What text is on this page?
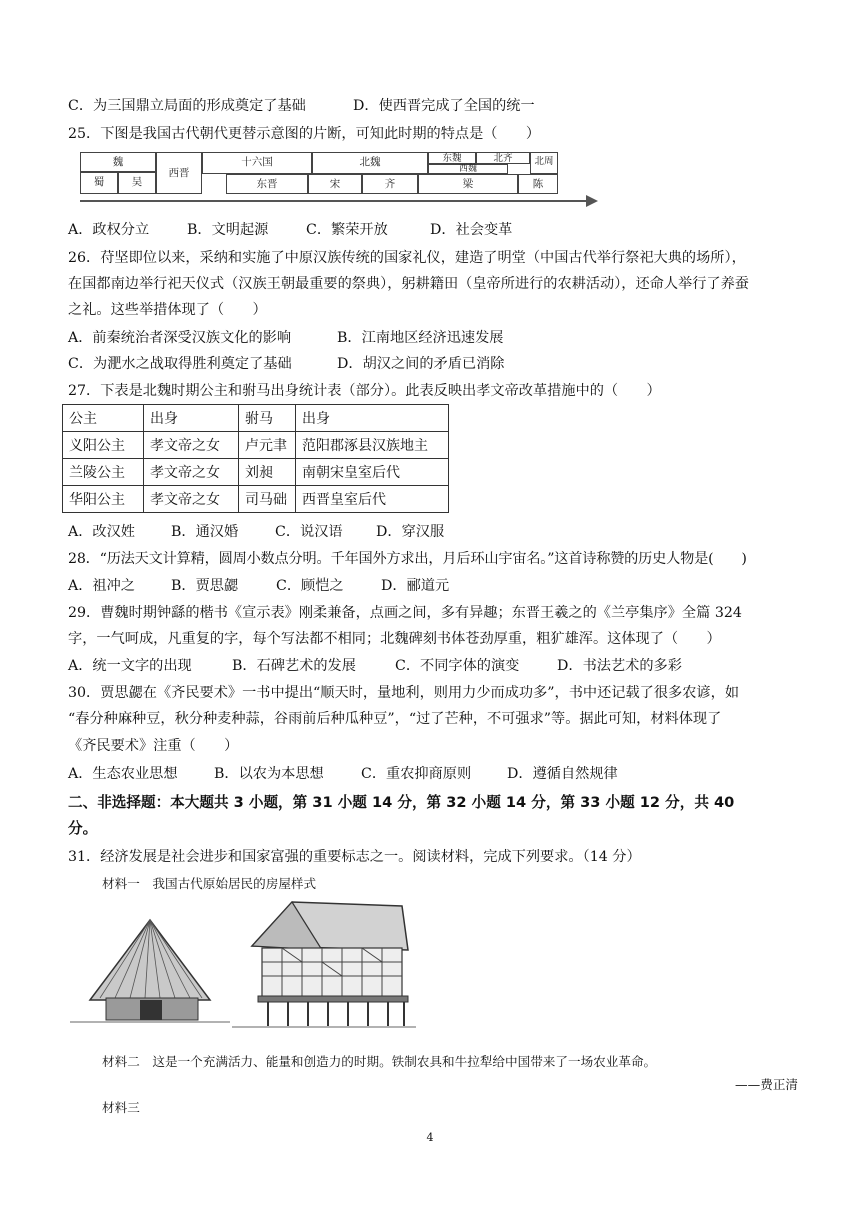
C．为三国鼎立局面的形成奠定了基础	D．使西晋完成了全国的统一
25．下图是我国古代朝代更替示意图的片断，可知此时期的特点是（　　）
魏
蜀	吴
西晋
十六国	北魏	东魏
西魏
北齐	北周
东晋	宋	齐	梁	陈
A．政权分立	B．文明起源	C．繁荣开放	D．社会变革
26．苻坚即位以来，采纳和实施了中原汉族传统的国家礼仪，建造了明堂（中国古代举行祭祀大典的场所），
在国都南边举行祀天仪式（汉族王朝最重要的祭典），躬耕籍田（皇帝所进行的农耕活动），还命人举行了养蚕
之礼。这些举措体现了（　　）
A．前秦统治者深受汉族文化的影响	B．江南地区经济迅速发展
C．为淝水之战取得胜利奠定了基础	D．胡汉之间的矛盾已消除
27．下表是北魏时期公主和驸马出身统计表（部分）。此表反映出孝文帝改革措施中的（　　）
公主	出身	驸马	出身
义阳公主	孝文帝之女	卢元聿	范阳郡涿县汉族地主
兰陵公主	孝文帝之女	刘昶	南朝宋皇室后代
华阳公主	孝文帝之女	司马础	西晋皇室后代
A．改汉姓	B．通汉婚	C．说汉语 D．穿汉服
28．“历法天文计算精，圆周小数点分明。千年国外方求出，月后环山宇宙名。”这首诗称赞的历史人物是(　　)
A．祖冲之	B．贾思勰	C．顾恺之	D．郦道元
29．曹魏时期钟繇的楷书《宣示表》刚柔兼备，点画之间，多有异趣；东晋王羲之的《兰亭集序》全篇 324
字，一气呵成，凡重复的字，每个写法都不相同；北魏碑刻书体苍劲厚重，粗犷雄浑。这体现了（　　）
A．统一文字的出现	B．石碑艺术的发展	C．不同字体的演变	D．书法艺术的多彩
30．贾思勰在《齐民要术》一书中提出“顺天时，量地利，则用力少而成功多”，书中还记载了很多农谚，如
“春分种麻种豆，秋分种麦种蒜，谷雨前后种瓜种豆”，“过了芒种，不可强求”等。据此可知，材料体现了
《齐民要术》注重（　　）
A．生态农业思想	B．以农为本思想	C．重农抑商原则	D．遵循自然规律
二、非选择题：本大题共 3 小题，第 31 小题 14 分，第 32 小题 14 分，第 33 小题 12 分，共 40
分。
31．经济发展是社会进步和国家富强的重要标志之一。阅读材料，完成下列要求。（14 分）
材料一　我国古代原始居民的房屋样式
材料二　这是一个充满活力、能量和创造力的时期。铁制农具和牛拉犁给中国带来了一场农业革命。
——费正清
材料三
4
